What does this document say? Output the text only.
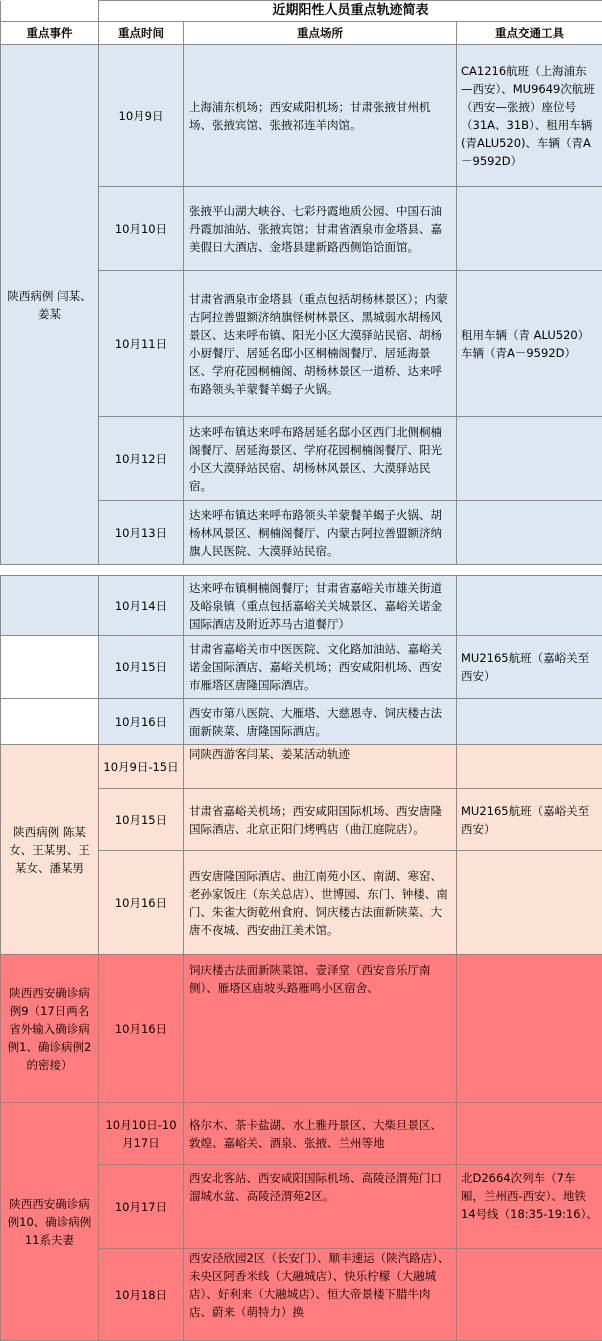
	近期阳性人员重点轨迹简表		
重点事件	重点时间	重点场所	重点交通工具
陕西病例 闫某、姜某	10月9日	上海浦东机场；西安咸阳机场；甘肃张掖甘州机场、张掖宾馆、张掖祁连羊肉馆。	CA1216航班（上海浦东—西安）、MU9649次航班（西安—张掖）座位号（31A、31B）、租用车辆(青ALU520)、车辆（青A－9592D）
	10月10日	张掖平山湖大峡谷、七彩丹霞地质公园、中国石油丹霞加油站、张掖宾馆；甘肃省酒泉市金塔县、嘉美假日大酒店、金塔县建新路西侧馅饸面馆。	
	10月11日	甘肃省酒泉市金塔县（重点包括胡杨林景区）；内蒙古阿拉善盟额济纳旗怪树林景区、黑城弱水胡杨风景区、达来呼布镇、阳光小区大漠驿站民宿、胡杨小厨餐厅、居延名邸小区桐楠阁餐厅、居延海景区、学府花园桐楠阁、胡杨林景区一道桥、达来呼布路领头羊蒙餐羊蝎子火锅。	租用车辆（青 ALU520）车辆（青A－9592D）
	10月12日	达来呼布镇达来呼布路居延名邸小区西门北侧桐楠阁餐厅、居延海景区、学府花园桐楠阁餐厅、阳光小区大漠驿站民宿、胡杨林风景区、大漠驿站民宿。	
	10月13日	达来呼布镇达来呼布路领头羊蒙餐羊蝎子火锅、胡杨林风景区、桐楠阁餐厅、内蒙古阿拉善盟额济纳旗人民医院、大漠驿站民宿。	

	10月14日	达来呼布镇桐楠阁餐厅；甘肃省嘉峪关市雄关街道及峪泉镇（重点包括嘉峪关关城景区、嘉峪关诺金国际酒店及附近苏马古道餐厅）	
	10月15日	甘肃省嘉峪关市中医医院、文化路加油站、嘉峪关诺金国际酒店、嘉峪关机场；西安咸阳机场、西安市雁塔区唐隆国际酒店。	MU2165航班（嘉峪关至西安）
	10月16日	西安市第八医院、大雁塔、大慈恩寺、饲庆楼古法面新陕菜、唐隆国际酒店。	
陕西病例 陈某女、王某男、王某女、潘某男	10月9日-15日	同陕西游客闫某、姜某活动轨迹	
	10月15日	甘肃省嘉峪关机场；西安咸阳国际机场、西安唐隆国际酒店、北京正阳门烤鸭店（曲江庭院店）。	MU2165航班（嘉峪关至西安）
	10月16日	西安唐隆国际酒店、曲江南苑小区、南湖、寒窑、老孙家饭庄（东关总店）、世博园、东门、钟楼、南门、朱雀大街乾州食府、饲庆楼古法面新陕菜、大唐不夜城、西安曲江美术馆。	
陕西西安确诊病例9（17日两名省外输入确诊病例1、确诊病例2的密接）	10月16日	饲庆楼古法面新陕菜馆、壹泽堂（西安音乐厅南侧）、雁塔区庙坡头路雁鸣小区宿舍、	
陕西西安确诊病例10、确诊病例11系夫妻	10月10日-10月17日	格尔木、茶卡盐湖、水上雅丹景区、大柴旦景区、敦煌、嘉峪关、酒泉、张掖、兰州等地	
	10月17日	西安北客站、西安咸阳国际机场、高陵泾渭苑门口溜城水盆、高陵泾渭苑2区。	北D2664次列车（7车厢，兰州西-西安）、地铁14号线（18:35-19:16）、
	10月18日	西安泾欣园2区（长安门）、顺丰速运（陕汽路店）、未央区阿香米线（大融城店）、快乐柠檬（大融城店）、好利来（大融城店）、恒大帝景楼下腊牛肉店、蔚来（萌特力）换	
